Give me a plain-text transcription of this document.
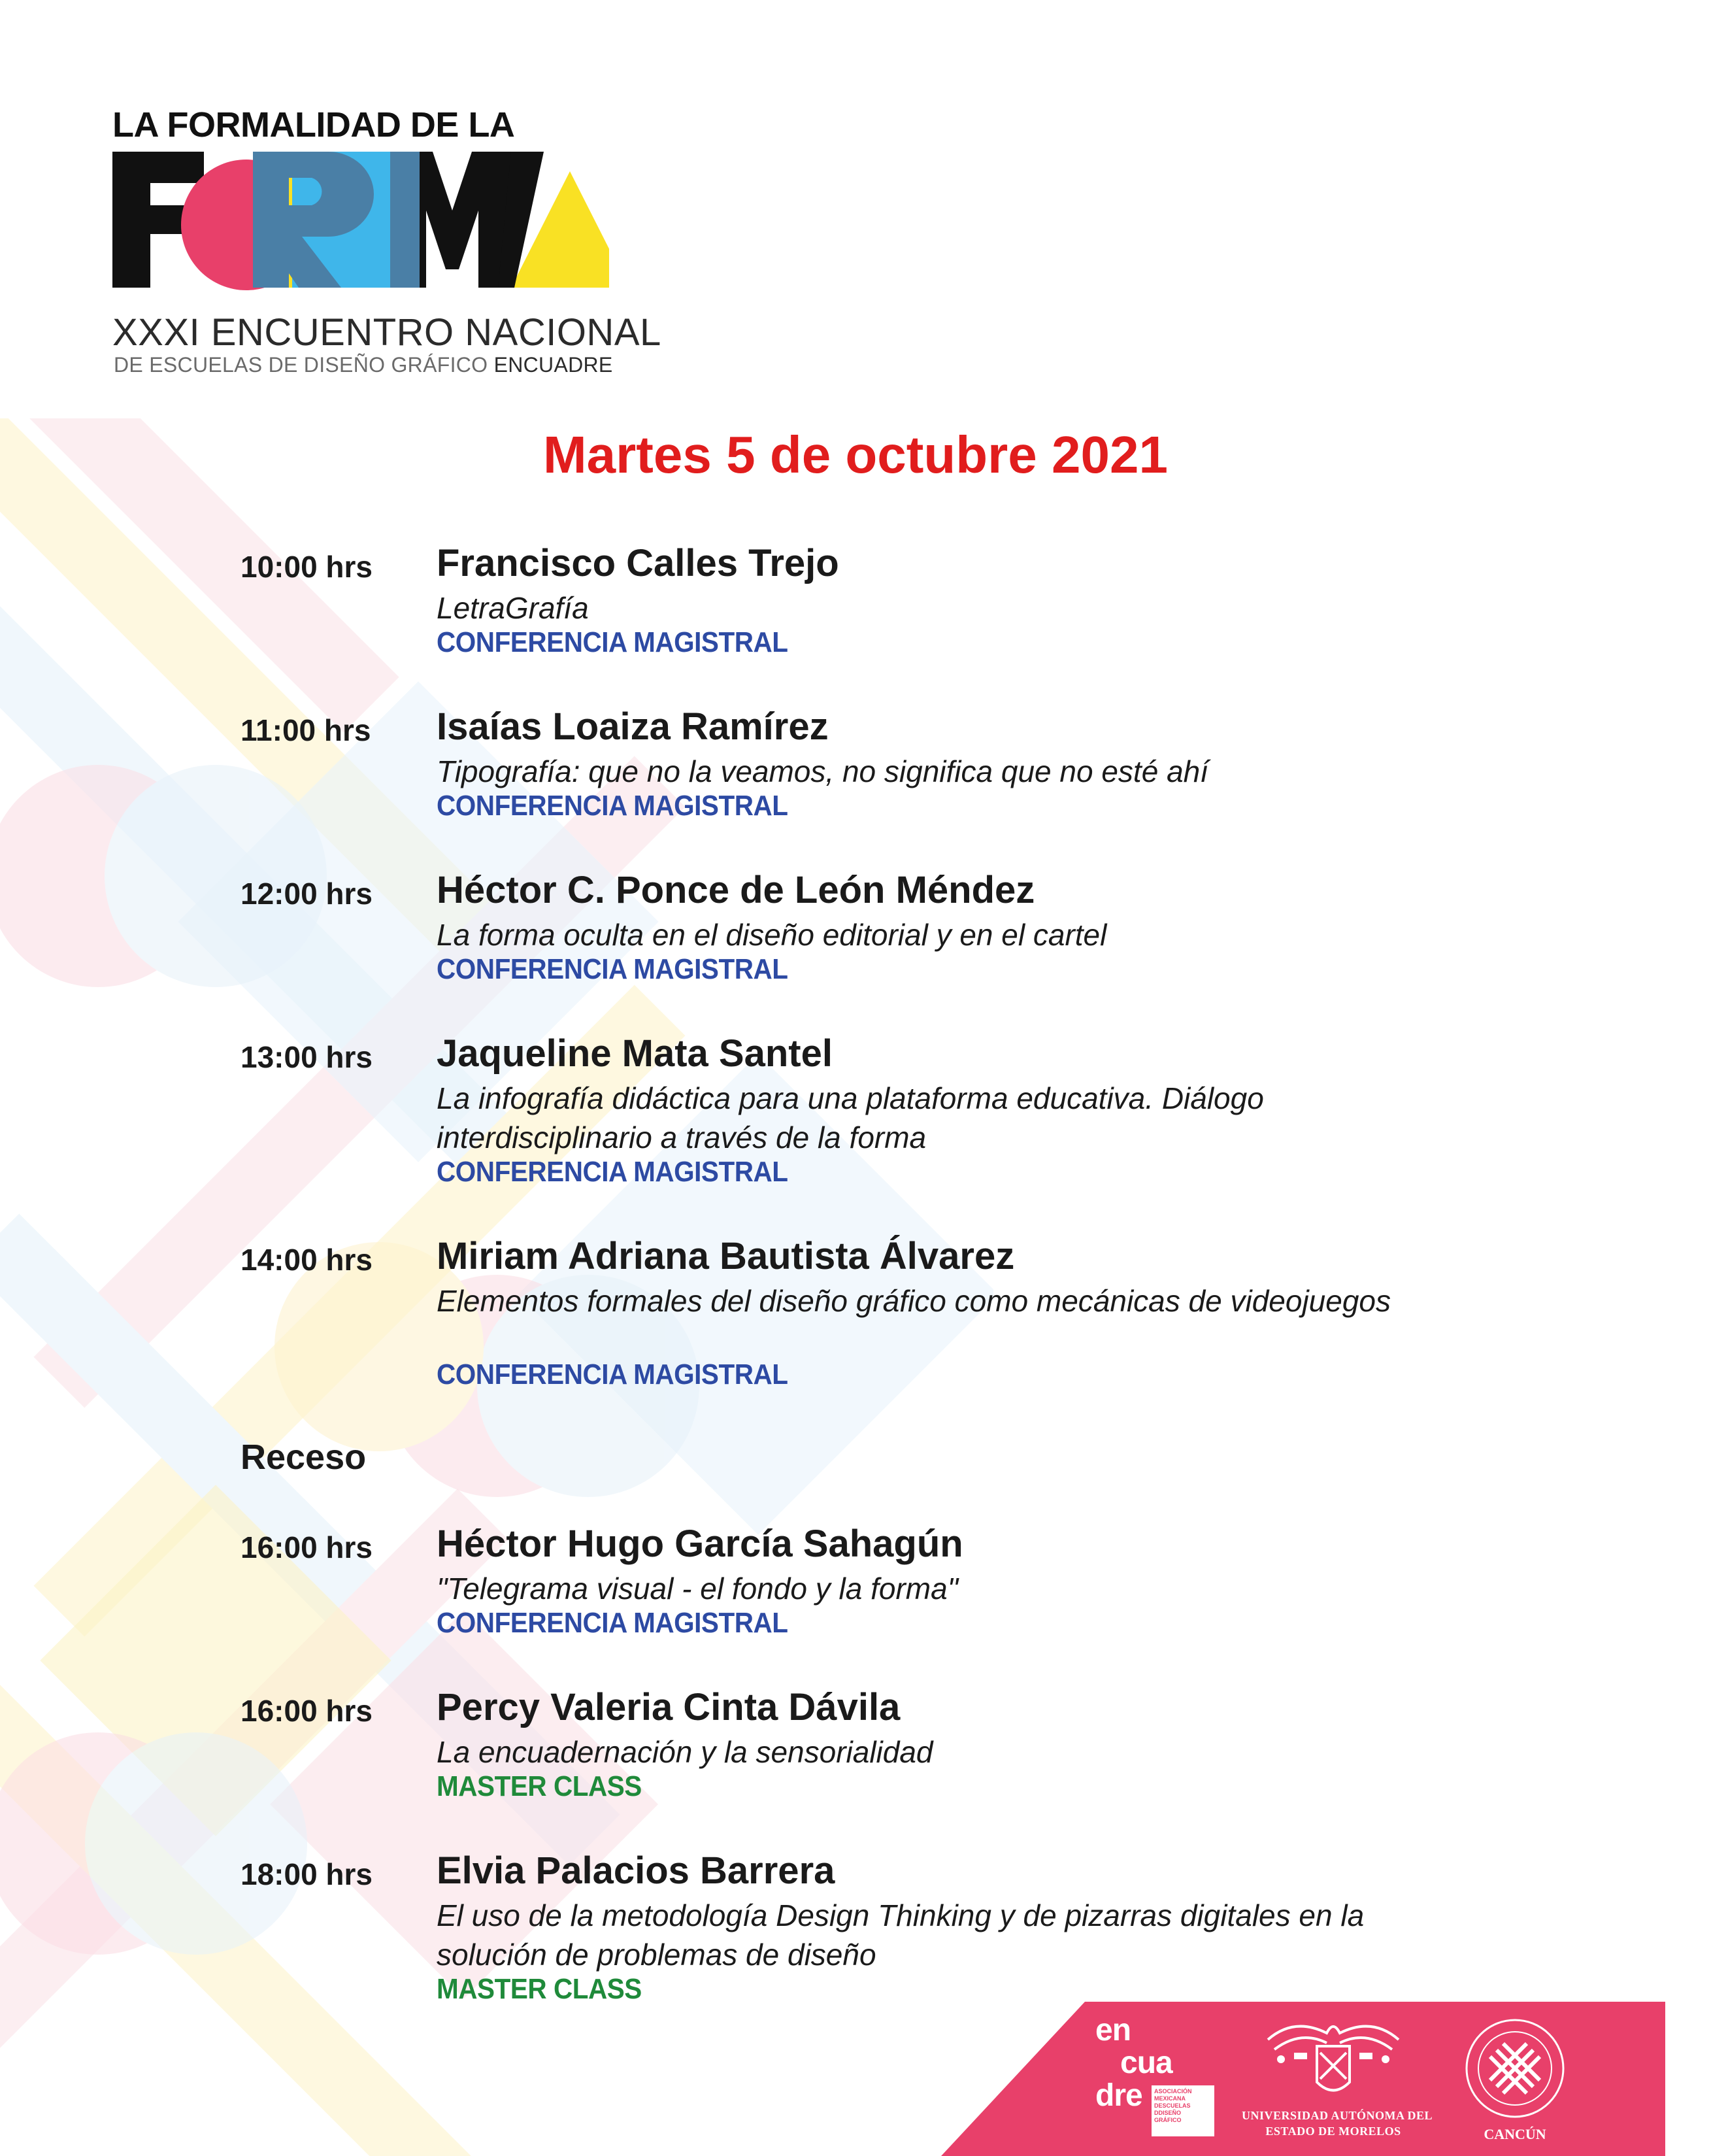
LA FORMALIDAD DE LA

XXXI ENCUENTRO NACIONAL

DE ESCUELAS DE DISEÑO GRÁFICO ENCUADRE

Martes 5 de octubre 2021
10:00 hrs Francisco Calles Trejo
LetraGrafía
CONFERENCIA MAGISTRAL
11:00 hrs Isaías Loaiza Ramírez
Tipografía: que no la veamos, no significa que no esté ahí
CONFERENCIA MAGISTRAL
12:00 hrs Héctor C. Ponce de León Méndez
La forma oculta en el diseño editorial y en el cartel
CONFERENCIA MAGISTRAL
13:00 hrs Jaqueline Mata Santel
La infografía didáctica para una plataforma educativa. Diálogo interdisciplinario a través de la forma
CONFERENCIA MAGISTRAL
14:00 hrs Miriam Adriana Bautista Álvarez
Elementos formales del diseño gráfico como mecánicas de videojuegos
CONFERENCIA MAGISTRAL

Receso

16:00 hrs Héctor Hugo García Sahagún
"Telegrama visual - el fondo y la forma"
CONFERENCIA MAGISTRAL
16:00 hrs Percy Valeria Cinta Dávila
La encuadernación y la sensorialidad
MASTER CLASS
18:00 hrs Elvia Palacios Barrera
El uso de la metodología Design Thinking y de pizarras digitales en la solución de problemas de diseño
MASTER CLASS

en

cua

dre ASOCIACIÓN
MEXICANA
DESCUELAS
DDISEÑO
GRÁFICO	UNIVERSIDAD AUTÓNOMA DEL

ESTADO DE MORELOS	CANCÚN
